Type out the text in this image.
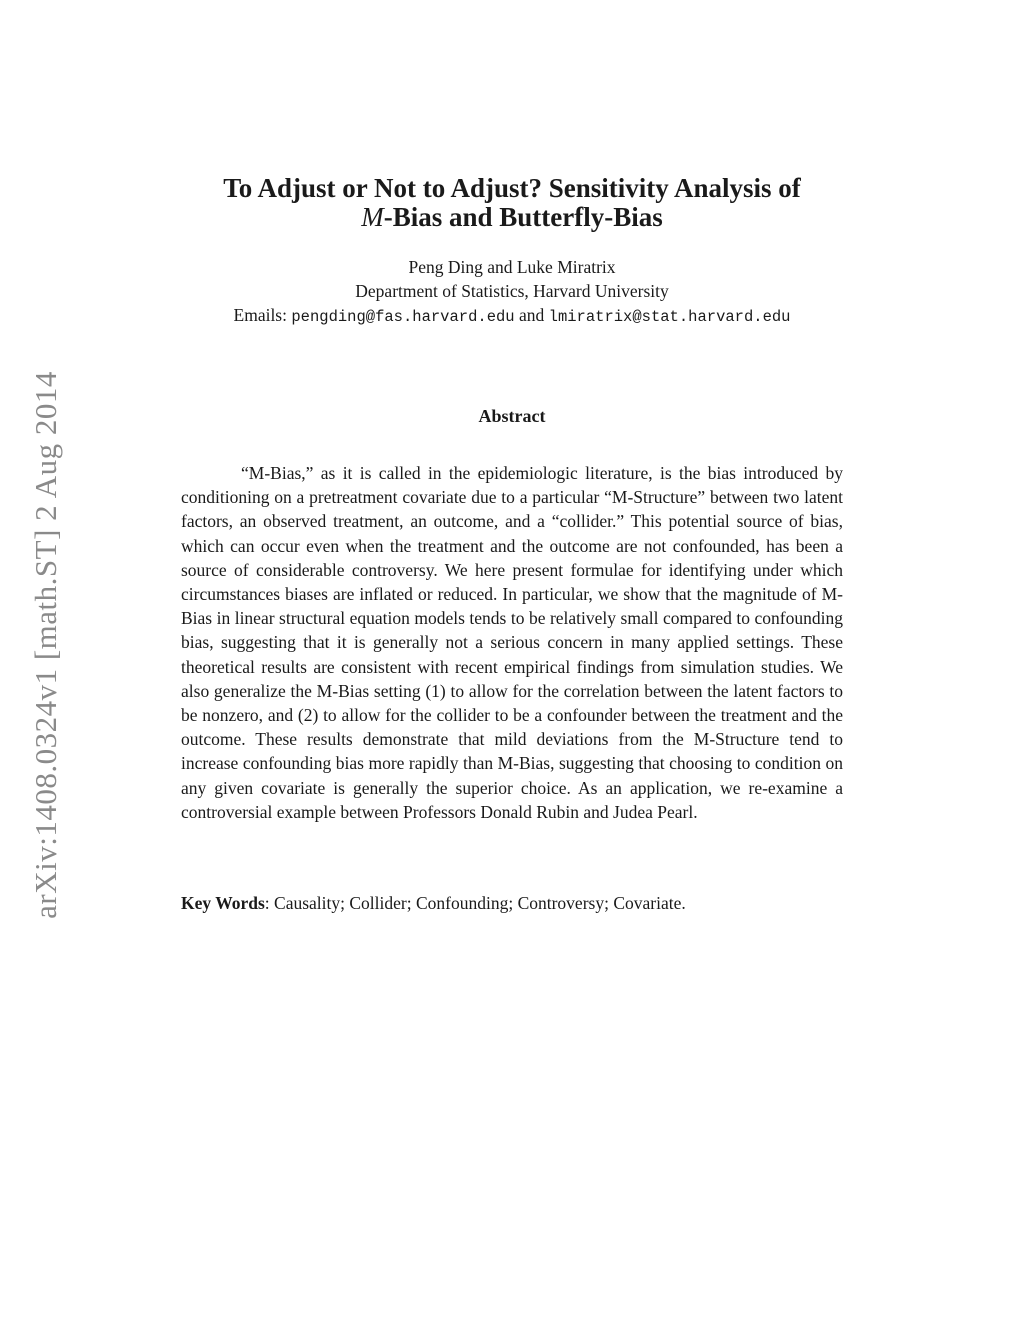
arXiv:1408.0324v1 [math.ST] 2 Aug 2014
To Adjust or Not to Adjust? Sensitivity Analysis of
M-Bias and Butterfly-Bias
Peng Ding and Luke Miratrix
Department of Statistics, Harvard University
Emails: pengding@fas.harvard.edu and lmiratrix@stat.harvard.edu
Abstract

“M-Bias,” as it is called in the epidemiologic literature, is the bias introduced by conditioning on a pretreatment covariate due to a particular “M-Structure” between two latent factors, an observed treatment, an outcome, and a “collider.” This potential source of bias, which can occur even when the treatment and the outcome are not confounded, has been a source of considerable controversy. We here present formulae for identifying under which circumstances biases are inflated or reduced. In particular, we show that the magnitude of M-Bias in linear structural equation models tends to be relatively small compared to confounding bias, suggesting that it is generally not a serious concern in many applied settings. These theoretical results are consistent with recent empirical findings from simulation studies. We also generalize the M-Bias setting (1) to allow for the correlation between the latent factors to be nonzero, and (2) to allow for the collider to be a confounder between the treatment and the outcome. These results demonstrate that mild deviations from the M-Structure tend to increase confounding bias more rapidly than M-Bias, suggesting that choosing to condition on any given covariate is generally the superior choice. As an application, we re-examine a controversial example between Professors Donald Rubin and Judea Pearl.

Key Words: Causality; Collider; Confounding; Controversy; Covariate.
